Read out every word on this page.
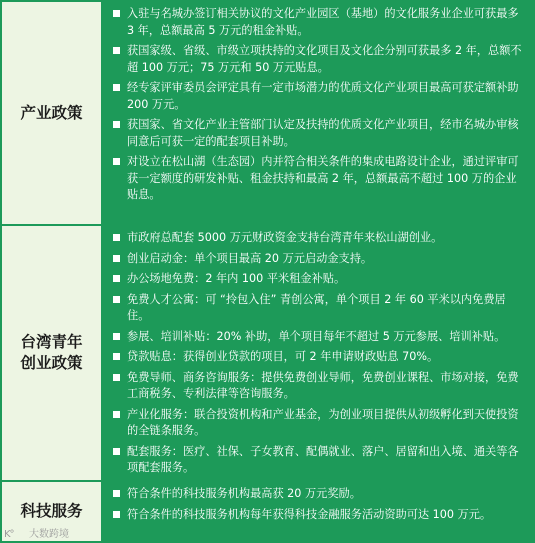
产业政策
入驻与名城办签订相关协议的文化产业园区（基地）的文化服务业企业可获最多 3 年，总额最高 5 万元的租金补贴。
获国家级、省级、市级立项扶持的文化项目及文化企分别可获最多 2 年，总额不超 100 万元；75 万元和 50 万元贴息。
经专家评审委员会评定具有一定市场潜力的优质文化产业项目最高可获定额补助 200 万元。
获国家、省文化产业主管部门认定及扶持的优质文化产业项目，经市名城办审核同意后可获一定的配套项目补助。
对设立在松山湖（生态园）内并符合相关条件的集成电路设计企业，通过评审可获一定额度的研发补贴、租金扶持和最高 2 年，总额最高不超过 100 万的企业贴息。
台湾青年
创业政策
市政府总配套 5000 万元财政资金支持台湾青年来松山湖创业。
创业启动金：单个项目最高 20 万元启动金支持。
办公场地免费：2 年内 100 平米租金补贴。
免费人才公寓：可 “拎包入住” 青创公寓，单个项目 2 年 60 平米以内免费居住。
参展、培训补贴：20% 补助，单个项目每年不超过 5 万元参展、培训补贴。
贷款贴息：获得创业贷款的项目，可 2 年申请财政贴息 70%。
免费导师、商务咨询服务：提供免费创业导师，免费创业课程、市场对接，免费工商税务、专利法律等咨询服务。
产业化服务：联合投资机构和产业基金，为创业项目提供从初级孵化到天使投资的全链条服务。
配套服务：医疗、社保、子女教育、配偶就业、落户、居留和出入境、通关等各项配套服务。
科技服务
符合条件的科技服务机构最高获 20 万元奖励。
符合条件的科技服务机构每年获得科技金融服务活动资助可达 100 万元。
K° 大数跨境
